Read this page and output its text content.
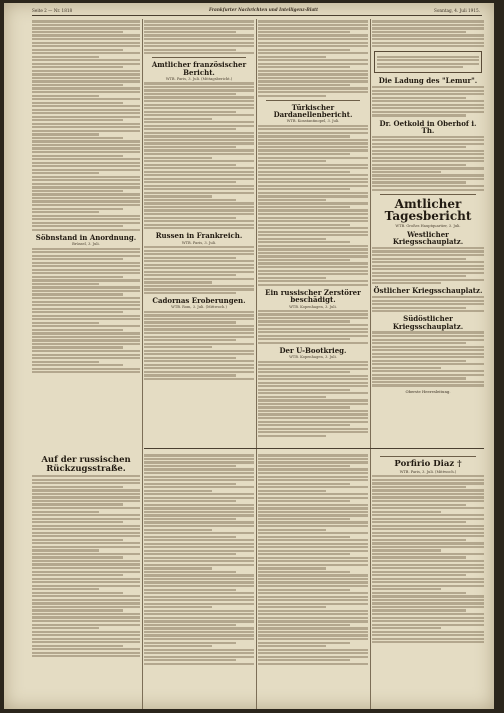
Seite 2 — Nr. 1818	Frankfurter Nachrichten und Intelligenz-Blatt	Sonntag, 4. Juli 1915.
Söbnstand in Anordnung.
Brüssel, 3. Juli.
Amtlicher französischer Bericht.
WTB. Paris, 3. Juli. (Mittagsbericht.)
Russen in Frankreich.
WTB. Paris, 3. Juli.
Cadornas Eroberungen.
WTB. Rom, 3. Juli. (Mittwoch.)
Türkischer Dardanellenbericht.
WTB. Konstantinopel, 3. Juli.
Ein russischer Zerstörer beschädigt.
WTB. Kopenhagen, 3. Juli.
Der U-Bootkrieg.
WTB. Kopenhagen, 3. Juli.
Die Ladung des "Lemur".
Dr. Oetkold in Oberhof i. Th.
Amtlicher Tagesbericht
WTB. Großes Hauptquartier, 3. Juli.
Westlicher Kriegsschauplatz.
Östlicher Kriegsschauplatz.
Südöstlicher Kriegsschauplatz.
Oberste Heeresleitung.
Auf der russischen Rückzugsstraße.	Porfirio Diaz †
WTB. Paris, 3. Juli. (Mittwoch.)
